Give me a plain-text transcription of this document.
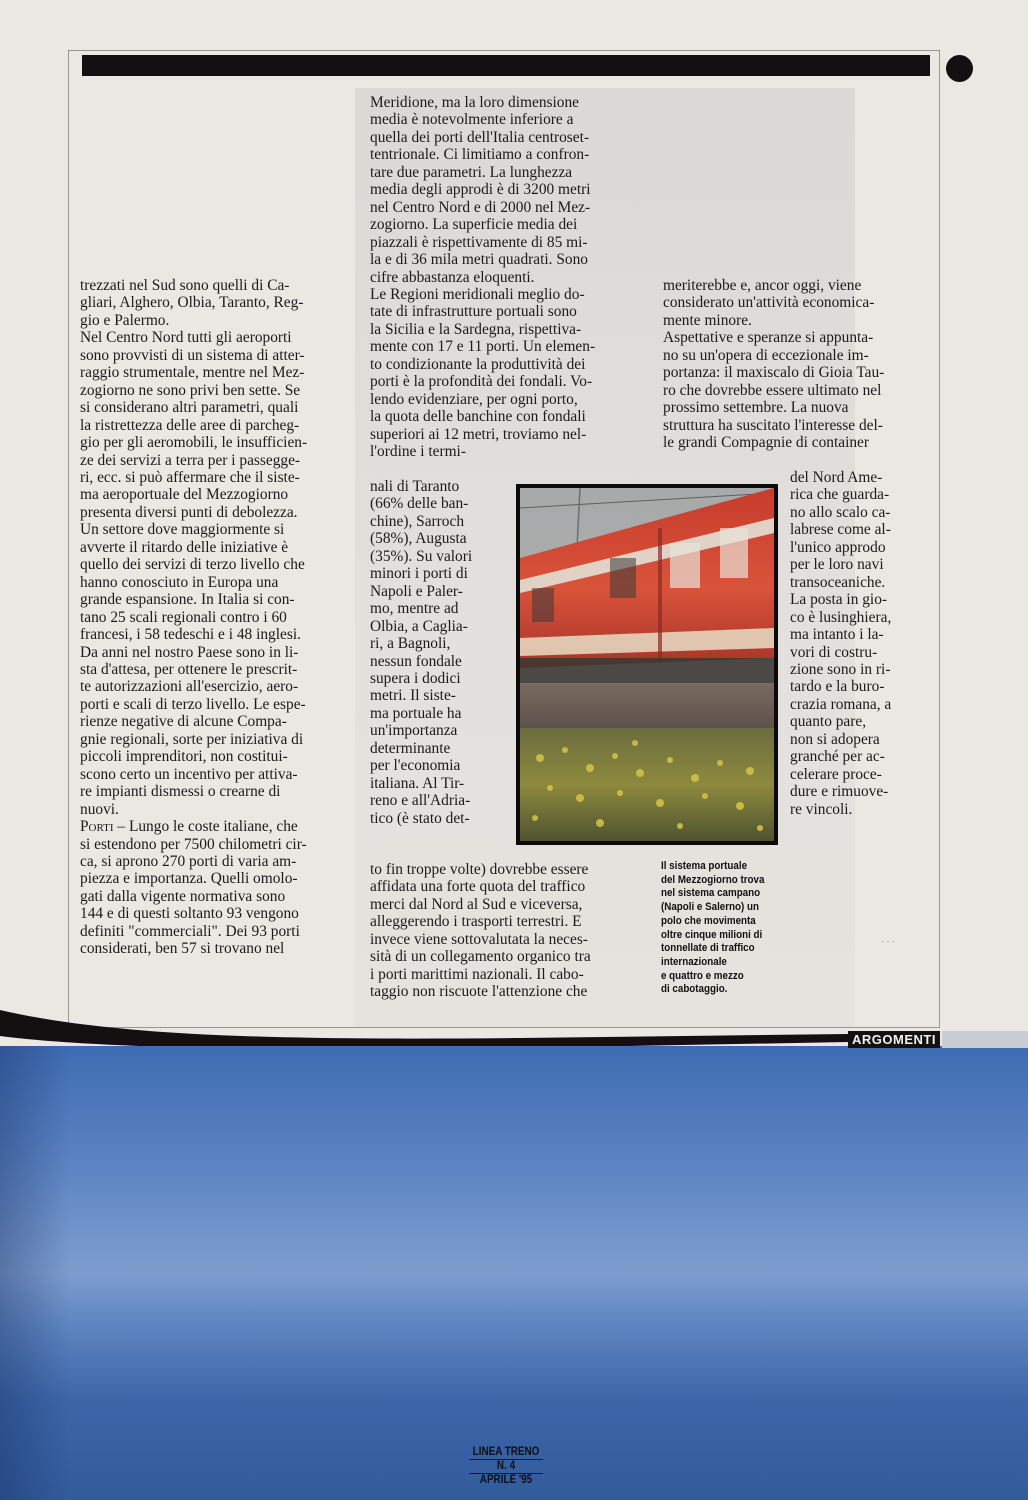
trezzati nel Sud sono quelli di Ca-
gliari, Alghero, Olbia, Taranto, Reg-
gio e Palermo.
Nel Centro Nord tutti gli aeroporti
sono provvisti di un sistema di atter-
raggio strumentale, mentre nel Mez-
zogiorno ne sono privi ben sette. Se
si considerano altri parametri, quali
la ristrettezza delle aree di parcheg-
gio per gli aeromobili, le insufficien-
ze dei servizi a terra per i passegge-
ri, ecc. si può affermare che il siste-
ma aeroportuale del Mezzogiorno
presenta diversi punti di debolezza.
Un settore dove maggiormente si
avverte il ritardo delle iniziative è
quello dei servizi di terzo livello che
hanno conosciuto in Europa una
grande espansione. In Italia si con-
tano 25 scali regionali contro i 60
francesi, i 58 tedeschi e i 48 inglesi.
Da anni nel nostro Paese sono in li-
sta d'attesa, per ottenere le prescrit-
te autorizzazioni all'esercizio, aero-
porti e scali di terzo livello. Le espe-
rienze negative di alcune Compa-
gnie regionali, sorte per iniziativa di
piccoli imprenditori, non costitui-
scono certo un incentivo per attiva-
re impianti dismessi o crearne di
nuovi.

Porti – Lungo le coste italiane, che

si estendono per 7500 chilometri cir-
ca, si aprono 270 porti di varia am-
piezza e importanza. Quelli omolo-
gati dalla vigente normativa sono
144 e di questi soltanto 93 vengono
definiti "commerciali". Dei 93 porti
considerati, ben 57 si trovano nel
Meridione, ma la loro dimensione
media è notevolmente inferiore a
quella dei porti dell'Italia centroset-
tentrionale. Ci limitiamo a confron-
tare due parametri. La lunghezza
media degli approdi è di 3200 metri
nel Centro Nord e di 2000 nel Mez-
zogiorno. La superficie media dei
piazzali è rispettivamente di 85 mi-
la e di 36 mila metri quadrati. Sono
cifre abbastanza eloquenti.
Le Regioni meridionali meglio do-
tate di infrastrutture portuali sono
la Sicilia e la Sardegna, rispettiva-
mente con 17 e 11 porti. Un elemen-
to condizionante la produttività dei
porti è la profondità dei fondali. Vo-
lendo evidenziare, per ogni porto,
la quota delle banchine con fondali
superiori ai 12 metri, troviamo nel-
l'ordine i termi-
nali di Taranto
(66% delle ban-
chine), Sarroch
(58%), Augusta
(35%). Su valori
minori i porti di
Napoli e Paler-
mo, mentre ad
Olbia, a Caglia-
ri, a Bagnoli,
nessun fondale
supera i dodici
metri. Il siste-
ma portuale ha
un'importanza
determinante
per l'economia
italiana. Al Tir-
reno e all'Adria-
tico (è stato det-
to fin troppe volte) dovrebbe essere
affidata una forte quota del traffico
merci dal Nord al Sud e viceversa,
alleggerendo i trasporti terrestri. E
invece viene sottovalutata la neces-
sità di un collegamento organico tra
i porti marittimi nazionali. Il cabo-
taggio non riscuote l'attenzione che
meriterebbe e, ancor oggi, viene
considerato un'attività economica-
mente minore.
Aspettative e speranze si appunta-
no su un'opera di eccezionale im-
portanza: il maxiscalo di Gioia Tau-
ro che dovrebbe essere ultimato nel
prossimo settembre. La nuova
struttura ha suscitato l'interesse del-
le grandi Compagnie di container
del Nord Ame-
rica che guarda-
no allo scalo ca-
labrese come al-
l'unico approdo
per le loro navi
transoceaniche.
La posta in gio-
co è lusinghiera,
ma intanto i la-
vori di costru-
zione sono in ri-
tardo e la buro-
crazia romana, a
quanto pare,
non si adopera
granché per ac-
celerare proce-
dure e rimuove-
re vincoli.
Il sistema portuale
del Mezzogiorno trova
nel sistema campano
(Napoli e Salerno) un
polo che movimenta
oltre cinque milioni di
tonnellate di traffico
internazionale
e quattro e mezzo
di cabotaggio.
· · ·
ARGOMENTI
LINEA TRENO
N. 4
APRILE '95
